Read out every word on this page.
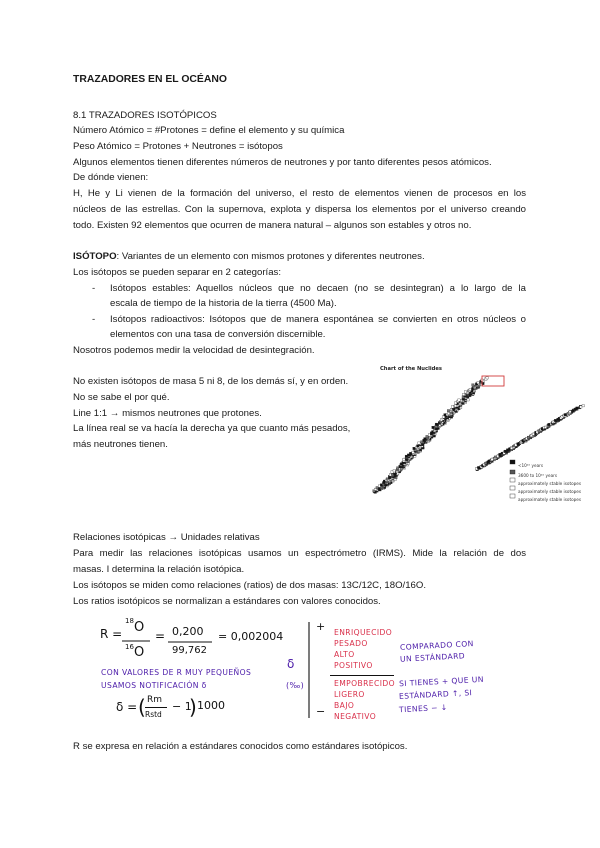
TRAZADORES EN EL OCÉANO
8.1 TRAZADORES ISOTÓPICOS
Número Atómico = #Protones = define el elemento y su química
Peso Atómico = Protones + Neutrones = isótopos
Algunos elementos tienen diferentes números de neutrones y por tanto diferentes pesos atómicos.
De dónde vienen:
H, He y Li vienen de la formación del universo, el resto de elementos vienen de procesos en los
núcleos de las estrellas. Con la supernova, explota y dispersa los elementos por el universo creando
todo. Existen 92 elementos que ocurren de manera natural – algunos son estables y otros no.
ISÓTOPO: Variantes de un elemento con mismos protones y diferentes neutrones.
Los isótopos se pueden separar en 2 categorías:
- Isótopos estables: Aquellos núcleos que no decaen (no se desintegran) a lo largo de la
escala de tiempo de la historia de la tierra (4500 Ma).
- Isótopos radioactivos: Isótopos que de manera espontánea se convierten en otros núcleos o
elementos con una tasa de conversión discernible.
Nosotros podemos medir la velocidad de desintegración.
No existen isótopos de masa 5 ni 8, de los demás sí, y en orden.
No se sabe el por qué.
Line 1:1 → mismos neutrones que protones.
La línea real se va hacía la derecha ya que cuanto más pesados,
más neutrones tienen.
Chart of the Nuclides
<10¹⁵ years
3600 to 10¹⁵ years
approximately stable isotopes
approximately stable isotopes
approximately stable isotopes
Relaciones isotópicas → Unidades relativas
Para medir las relaciones isotópicas usamos un espectrómetro (IRMS). Mide la relación de dos
masas. I determina la relación isotópica.
Los isótopos se miden como relaciones (ratios) de dos masas: 13C/12C, 18O/16O.
Los ratios isotópicos se normalizan a estándares con valores conocidos.
R =
18 O
16 O
= 0,200
99,762
= 0,002004
CON VALORES DE R MUY PEQUEÑOS
USAMOS NOTIFICACIÓN δ
δ = ( Rm
Rstd
− 1
) 1000
+
−
δ
(‰)
ENRIQUECIDO
PESADO
ALTO
POSITIVO
EMPOBRECIDO
LIGERO
BAJO
NEGATIVO
COMPARADO CON
UN ESTÁNDARD
SI TIENES + QUE UN
ESTÁNDARD ↑, SI
TIENES − ↓
R se expresa en relación a estándares conocidos como estándares isotópicos.
